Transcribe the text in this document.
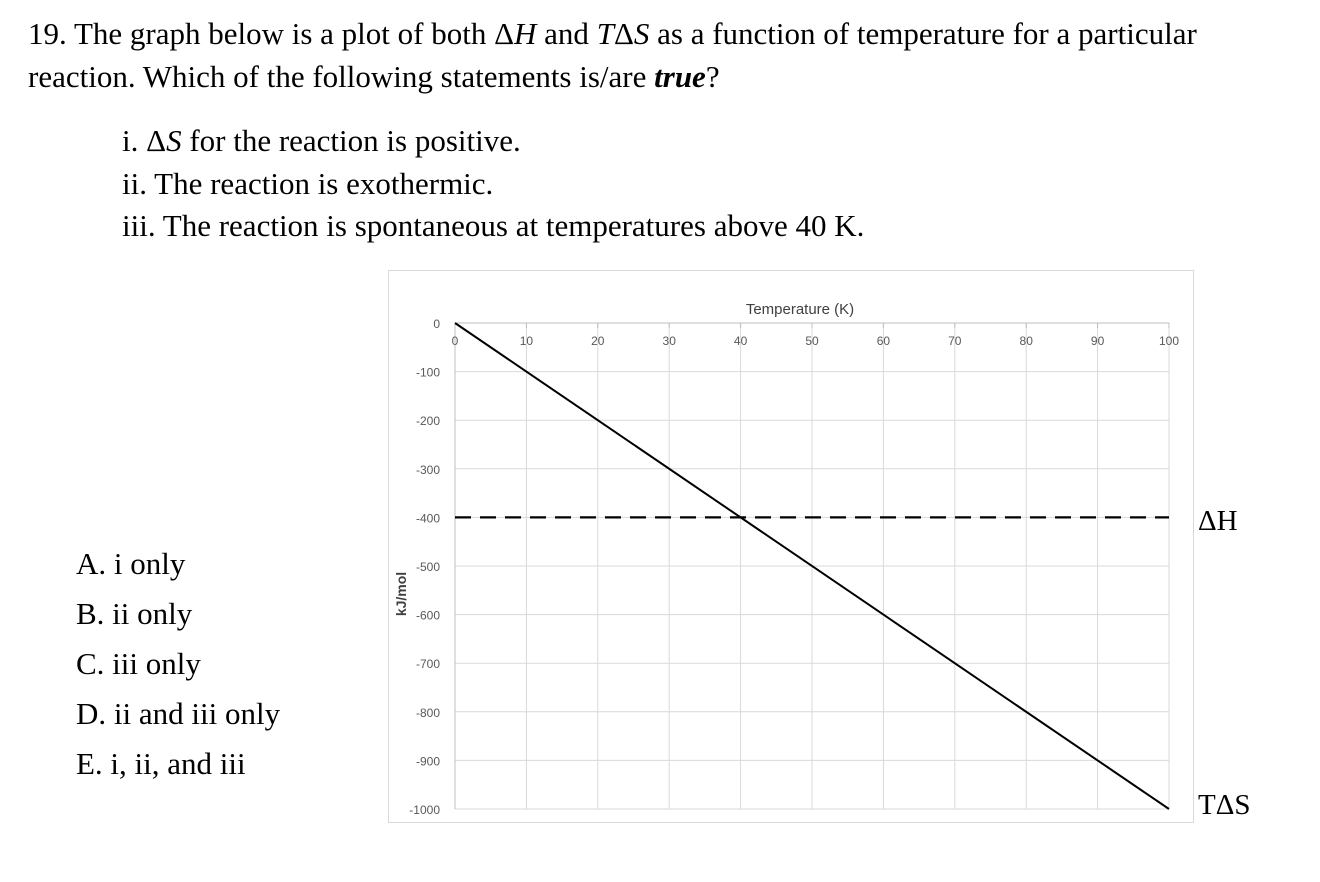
19. The graph below is a plot of both ΔH and TΔS as a function of temperature for a particular
reaction. Which of the following statements is/are true?
i. ΔS for the reaction is positive.
ii. The reaction is exothermic.
iii. The reaction is spontaneous at temperatures above 40 K.
A. i only
B. ii only
C. iii only
D. ii and iii only
E. i, ii, and iii
0	10	20	30	40	50	60	70	80	90	100
0
-100
-200
-300
-400
-500
-600
-700
-800
-900
-1000
Temperature (K)
kJ/mol
ΔH
TΔS
